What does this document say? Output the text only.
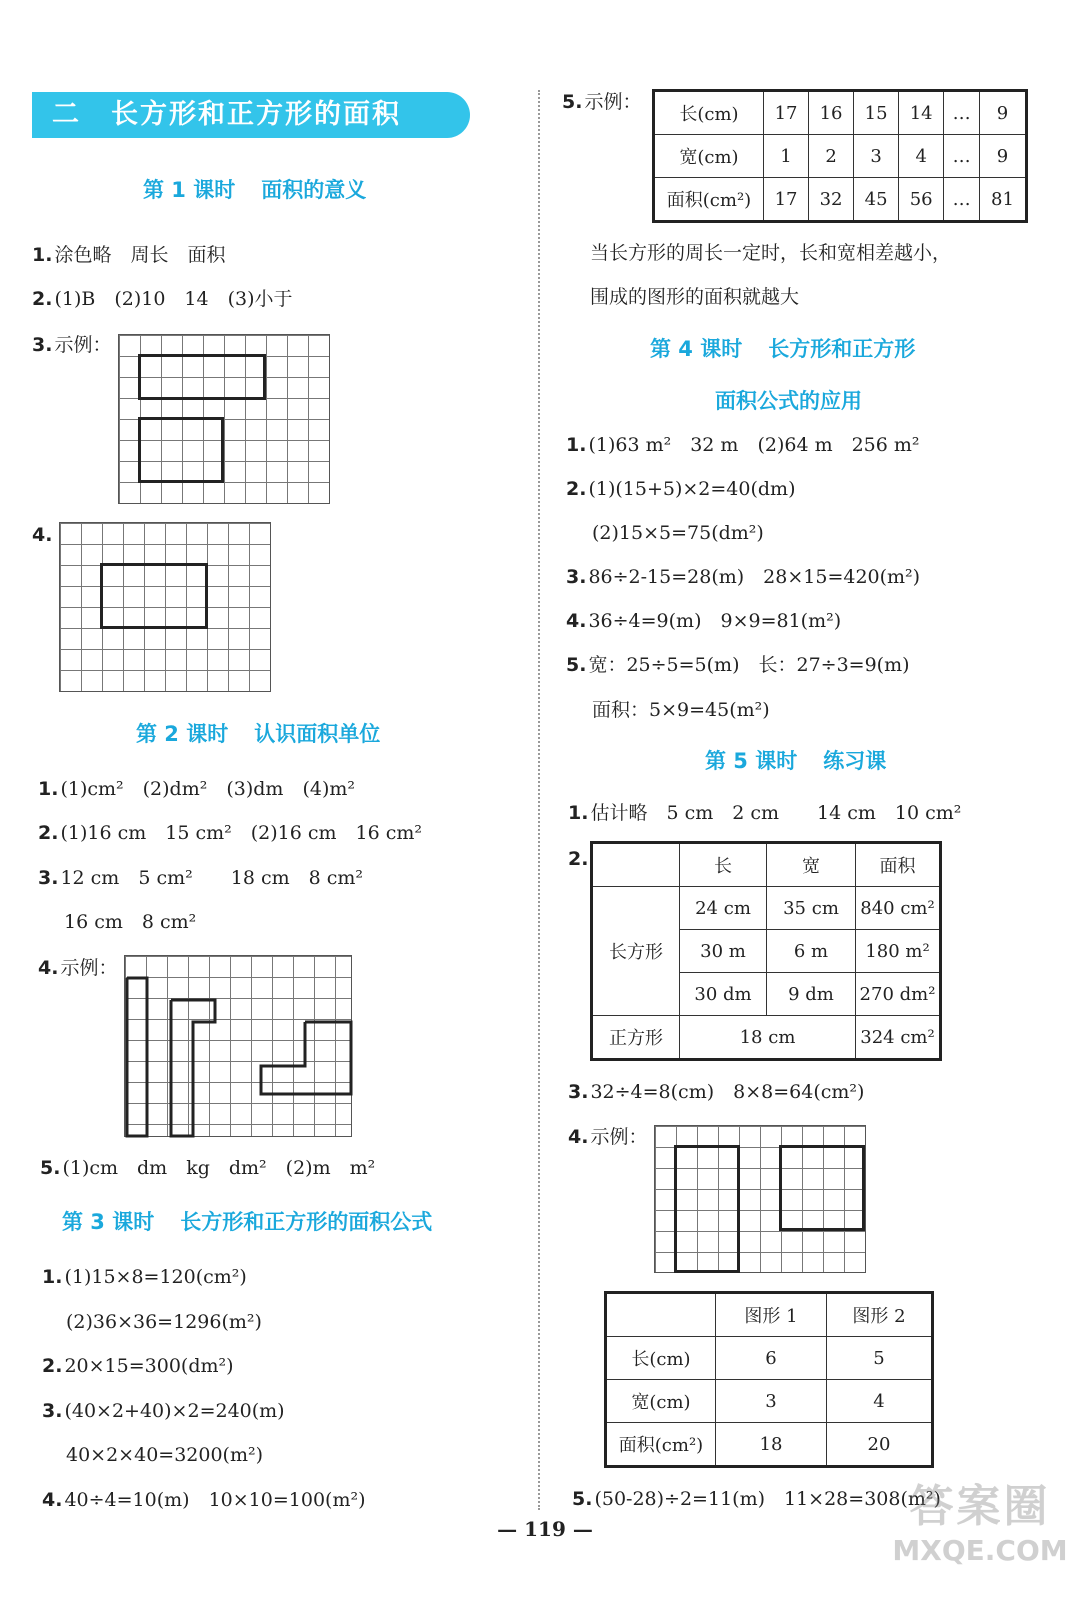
二 长方形和正方形的面积
第 1 课时 面积的意义
1. 涂色略　周长　面积
2. (1)B　(2)10　14　(3)小于
3. 示例：
4.
第 2 课时 认识面积单位
1. (1)cm²　(2)dm²　(3)dm　(4)m²
2. (1)16 cm　15 cm²　(2)16 cm　16 cm²
3. 12 cm　5 cm²　　18 cm　8 cm²
16 cm　8 cm²
4. 示例：
5. (1)cm　dm　kg　dm²　(2)m　m²
第 3 课时 长方形和正方形的面积公式
1. (1)15×8=120(cm²)
(2)36×36=1296(m²)
2. 20×15=300(dm²)
3. (40×2+40)×2=240(m)
40×2×40=3200(m²)
4. 40÷4=10(m)　10×10=100(m²)
5. 示例：
长(cm)	17	16	15	14	…	9
宽(cm)	1	2	3	4	…	9
面积(cm²)	17	32	45	56	…	81
当长方形的周长一定时，长和宽相差越小，
围成的图形的面积就越大
第 4 课时 长方形和正方形
面积公式的应用
1. (1)63 m²　32 m　(2)64 m　256 m²
2. (1)(15+5)×2=40(dm)
(2)15×5=75(dm²)
3. 86÷2-15=28(m)　28×15=420(m²)
4. 36÷4=9(m)　9×9=81(m²)
5. 宽：25÷5=5(m)　长：27÷3=9(m)
面积：5×9=45(m²)
第 5 课时 练习课
1. 估计略　5 cm　2 cm　　14 cm　10 cm²
2.
		长	宽	面积
长方形	24 cm	35 cm	840 cm²
	30 m	6 m	180 m²
	30 dm	9 dm	270 dm²
正方形	18 cm		324 cm²
3. 32÷4=8(cm)　8×8=64(cm²)
4. 示例：
	图形 1	图形 2
长(cm)	6	5
宽(cm)	3	4
面积(cm²)	18	20
5. (50-28)÷2=11(m)　11×28=308(m²)
— 119 —	答案圈
MXQE.COM
